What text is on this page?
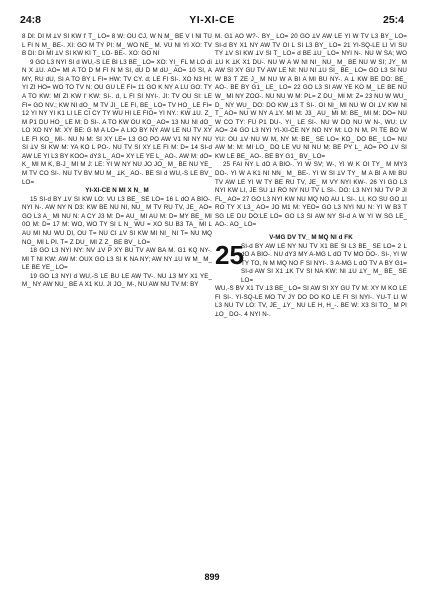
24:8	YI-XI-CE	25:4

8 DI: DI M ꓕV SI KW I' T_ LO= 8 W: OU CJ, W N M_ BE V I NI TU L FI N M_ BE-. XI: GO M TY PI: M_ WO NE_ M. VU NI YI XO: TV B DI: DI MI ꓕV SI KW KI T_ LO- BE-. XO: GO NI

9 GO L3 NYI SI d WU,-S LE BI L3 BE_ LO= XO: YI_ FL M LO di N X ꓕU. AO= MI A TO D M FI N M SI, dU D M dU_ AO= 10 SI, A MY, RU dU, SI A TO BY L FI= HW: TV CY. d; LE FI SI-. XO N3 HI: YI ZI HO= WO TO TV N: OU GU LE FI= 11 GO K NY A LU GO: TY A TO KW: MI ZI KW I' KW: SI-. d, L FI SI NYI-. JI: TV OU SI: LE FI= GO NV.; KW NI dO_ M TV JI_ LE FI, BE_ LO= TV HO_ LE FI= 12 YI NY YI K1 LI LE CI CY TY WU HI LE FIO= YI NY.: KW ꓕU. Z_ M P1 DU HO_ LE M: D SI-. A TO KW OU KO_ AO= 13 NU NI dO_ LO XO NY M: XY BE: G M A LO= A LIO BY NY AW LE NU TV XY LE FI KO_ MI-. NU N M: SI XY LE= L3 GO PO AW V1 NI NY NU SI ꓕV SI KW M: YA KO L PO-. NU TV SI XY LE FI M: D= 14 SI-d AW LE YI L3 BY KOO= dY3 L_ AO= XY LE YE L_ AO-. AW M: dO= K_ MI M K, B-J_ MI M J: LE: YI W NY NU JO JO_ M_ BE NU YE_ M TV CO SI-. NU TV BV MU M_ ꓕK_ AO-. BE SI d WU,-S LE BV_ LO=

YI-XI-CE N MI X N_ M

15 SI-d BY ꓕV SI KW LO: VU L3 BE_ SE LO= 16 L dO A BIO-. NYI N-. AW NY N D3: KW BE NU NI, NU_ M TV RU TV, JE_ AO= GO L3 A_ MI NU N: A CY J3 M: D= AU_ MI AU M: D= MY BE_ MI 0O M: D= 17 M: WO, WO TY SI L N_ WU = XO SU B3 TA_ MI L AU MI NU WU DI, OU T= NU CI ꓕV SI KW MI NI_ NI T= NU MQ NO_ MI L PI. T= Z DU_ MI Z Z_ BE BV_ LO=

18 GO L3 NYI NY: NV ꓕV P XY BU TV AW BA M. G1 KQ NY-. MI T NI KW: AW M: OUX GO L3 SI K NA NY; AW NY ꓕU W M_ M_ LE BE YE_ LO=

19 GO L3 NYI d WU,-S LE BU LE AW TV-. NU ꓕ3 MY X1 YE_ M_ NY AW NU_ BE A X1 KU. JI JO_ M-, NU AW NU TV M: BY

M. G1 AO W?-. BY_ LO= 20 GO ꓕV AW LE YI W TV L3 BY_ LO= SI-d BY X1 NY AW TV OI L SI L3 BY_ LO= 21 YI-SQ-LE LI VI SU TY ꓕV SI KW ꓕV SI T_ LO= d BE ꓕU_ LO= NYI N-. NU W SA; WO ꓕU K ꓕK X1 DU-. NU W A W NI NI_ NU_ M_ BE NU W SI; JY_ M AW SI XY GU TV AW LE NI: NU NI ꓕU SI_ BE_ LO= GO L3 SI NU W B3 T ZE J_ M NU W A BI A MI BU NY-. A ꓕ KW BE DO: BE_ AO-. BE BY G1_ LE_ LO= 22 GO L3 SI AW YE KO M_ LE BE NU W_ MI NY ZOO-. NU NU W M: PL= Z DU_ MI M: Z= 23 NU W WU_ D_ NY WU_ DO: DO KW ꓕ3 T SI-. OI NI_ MI NU W OI ꓕV KW NI T_ AO= NU W NY A ꓕY. MI M: J3_ AU_ MI M: BE_ MI M: DO= NU W CO TY: FU P1 DU-. YI_ LE SI-. NU W DO NU W N-, WU: LV AO= 24 GO L3 NYI YI-XI-CE NY NO NY M: LO N M, PI TE BO W YU: OU ꓕV NU W M, NY M: BE_ SE LO= KO_ DO BE_ LO= NU AW M: M: MI LO_ DO LE VU NI NU M: BE PY L_ AO= PO ꓕV SI KW LE BE_ AO-. BE BY G1_ BV_ LO=

25 FAI NY L dO A BIO-. YI W SV; W-, YI W K OI TY_ M MY3 DO-. YI W A K1 NI NN_ M_ BE-. YI W SI ꓕV TY_ M A BI A MI BU TV AW LE YI W TY BE RU TV, JE_ M VY NYI KW-. 26 YI GO L3 NYI KW LI, JE SU ꓕI RO NY NU TV L SI-. DO: L3 NYI NU TV P JI FL_ AO= 27 GO L3 NYI KW NU MQ NO AU L SI-. LI, KO SU GO ꓕI RO TY X L3_ AO= JO M1 M: YEO= GO L3 NYI NU N: YI W B3 T SG LE DU DO:LE LO= GO L3 SI AW NY SI-d A W YI W SG LE_ AO-. AO_ LO=

V-MG DV TV_ M MQ NI d FK
25
SI-d BY AW LE NY NU TV X1 BE SI L3 BE_ SE LO= 2 L dO A BIO-. NU dY3 MY A-MG L dO TV MO DO-. SI-, YI W TY TO, N M MQ NO F SI NYI-. 3 A-MG L dO TV A BY G1= SI-d AW SI X1 ꓕK TV SI NA KW: NI ꓕU ꓕY_ M_ BE_ SE LO=

WU,-S BV X1 TV ꓕ3 BE_ LO= SI AW SI XY GU TV M: XY M KO LE FI SI-. YI-SQ-LE MO TV JY DO DO KO LE FI SI NYI-. YU-T LI W L3 NU TV LO: TV, JE_ ꓕY_ NU LE H, H_-. BE W: X3 SI TO_ M PI ꓕO_ DO-. 4 NYI N-.

899
